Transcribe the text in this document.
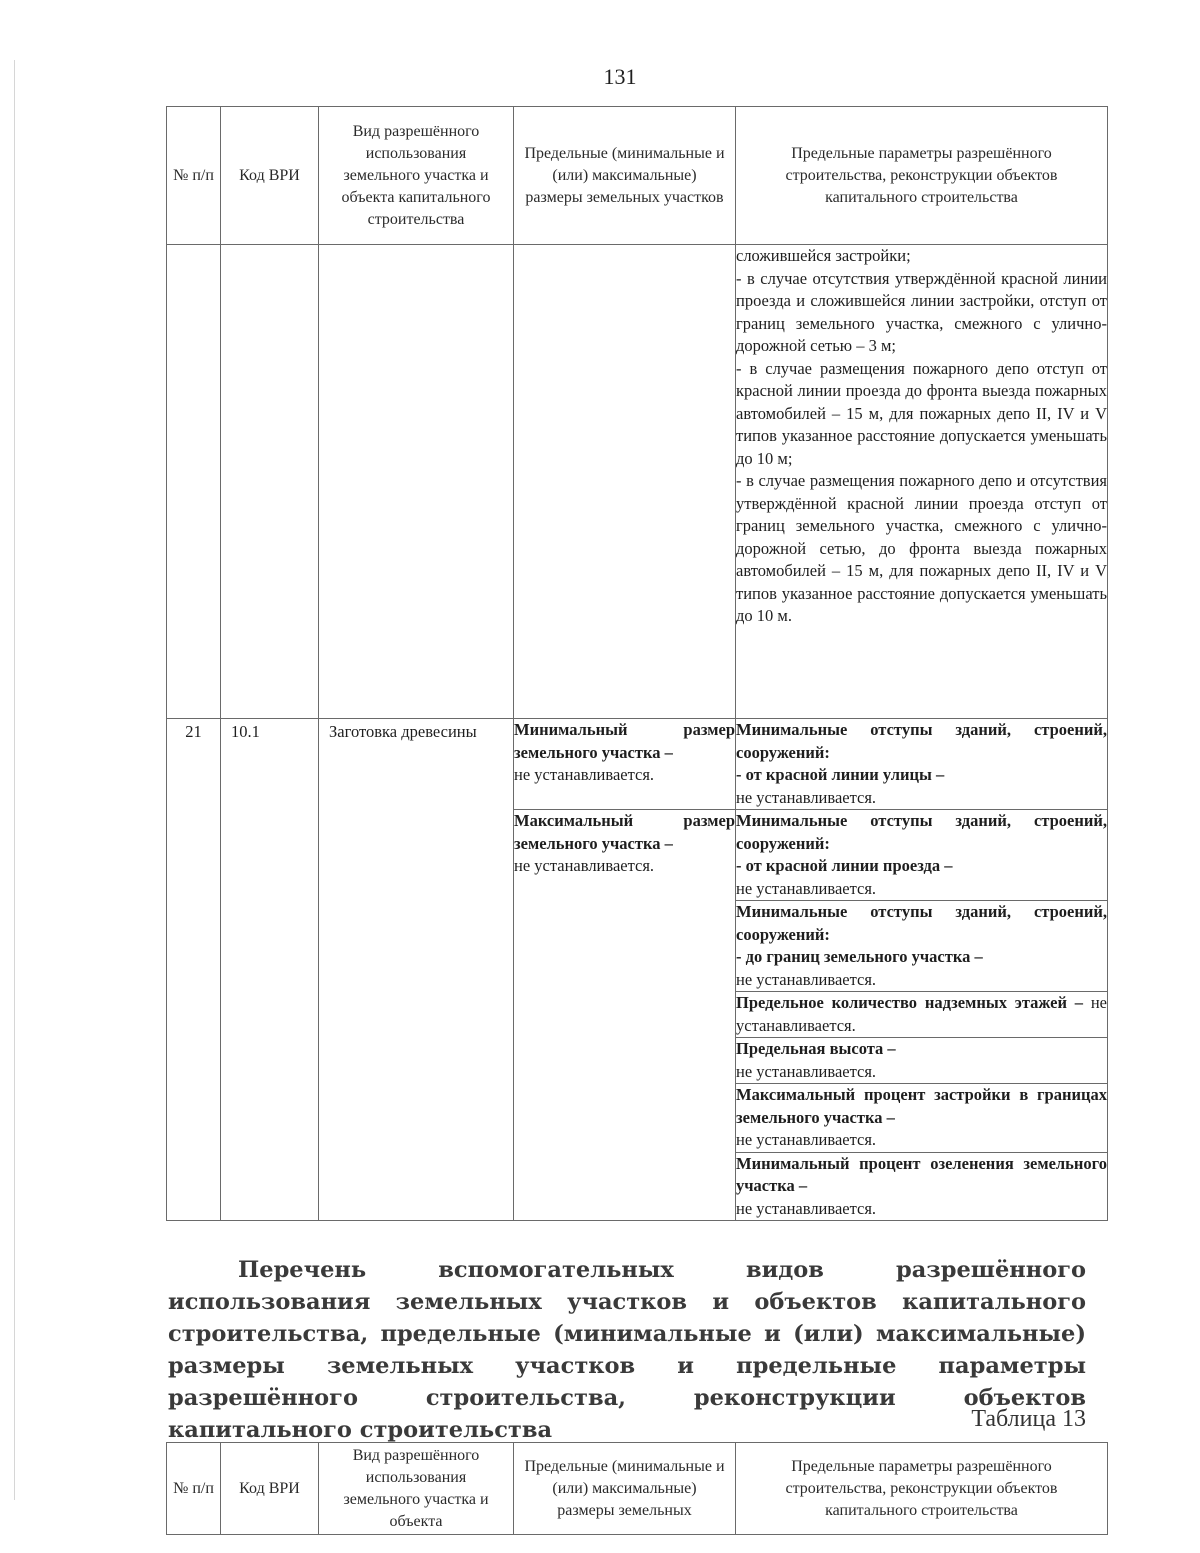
131
№ п/п	Код ВРИ	Вид разрешённого использования земельного участка и объекта капитального строительства	Предельные (минимальные и (или) максимальные) размеры земельных участков	Предельные параметры разрешённого строительства, реконструкции объектов капитального строительства

				сложившейся застройки;
- в случае отсутствия утверждённой красной линии проезда и сложившейся линии застройки, отступ от границ земельного участка, смежного с улично-дорожной сетью – 3 м;
- в случае размещения пожарного депо отступ от красной линии проезда до фронта выезда пожарных автомобилей – 15 м, для пожарных депо II, IV и V типов указанное расстояние допускается уменьшать до 10 м;
- в случае размещения пожарного депо и отсутствия утверждённой красной линии проезда отступ от границ земельного участка, смежного с улично-дорожной сетью, до фронта выезда пожарных автомобилей – 15 м, для пожарных депо II, IV и V типов указанное расстояние допускается уменьшать до 10 м.

21	10.1	Заготовка древесины	Минимальный размер земельного участка –
не устанавливается.	Минимальные отступы зданий, строений, сооружений:
- от красной линии улицы –
не устанавливается.
			Максимальный размер земельного участка –
не устанавливается.	Минимальные отступы зданий, строений, сооружений:
- от красной линии проезда –
не устанавливается.
				Минимальные отступы зданий, строений, сооружений:
- до границ земельного участка –
не устанавливается.
				Предельное количество надземных этажей – не устанавливается.
				Предельная высота –
не устанавливается.
				Максимальный процент застройки в границах земельного участка –
не устанавливается.
				Минимальный процент озеленения земельного участка –
не устанавливается.
Перечень вспомогательных видов разрешённого использования земельных участков и объектов капитального строительства, предельные (минимальные и (или) максимальные) размеры земельных участков и предельные параметры разрешённого строительства, реконструкции объектов капитального строительства	Таблица 13
№ п/п	Код ВРИ	Вид разрешённого использования земельного участка и объекта	Предельные (минимальные и (или) максимальные) размеры земельных	Предельные параметры разрешённого строительства, реконструкции объектов капитального строительства
